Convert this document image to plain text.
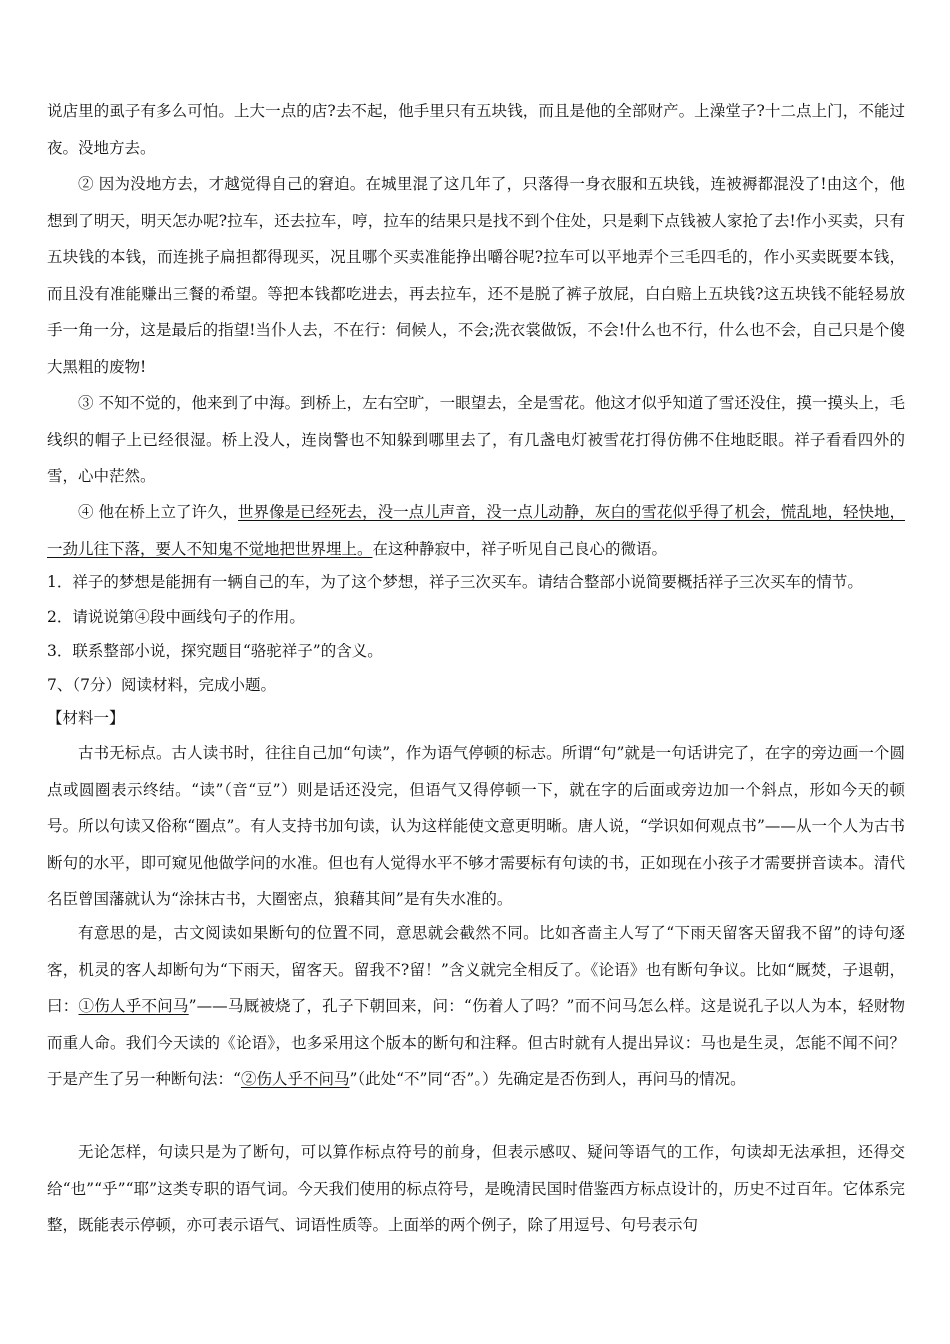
说店里的虱子有多么可怕。上大一点的店?去不起，他手里只有五块钱，而且是他的全部财产。上澡堂子?十二点上门，不能过夜。没地方去。

② 因为没地方去，才越觉得自己的窘迫。在城里混了这几年了，只落得一身衣服和五块钱，连被褥都混没了!由这个，他想到了明天，明天怎办呢?拉车，还去拉车，哼，拉车的结果只是找不到个住处，只是剩下点钱被人家抢了去!作小买卖，只有五块钱的本钱，而连挑子扁担都得现买，况且哪个买卖准能挣出嚼谷呢?拉车可以平地弄个三毛四毛的，作小买卖既要本钱，而且没有准能赚出三餐的希望。等把本钱都吃进去，再去拉车，还不是脱了裤子放屁，白白赔上五块钱?这五块钱不能轻易放手一角一分，这是最后的指望!当仆人去，不在行：伺候人，不会;洗衣裳做饭，不会!什么也不行，什么也不会，自己只是个傻大黑粗的废物!

③ 不知不觉的，他来到了中海。到桥上，左右空旷，一眼望去，全是雪花。他这才似乎知道了雪还没住，摸一摸头上，毛线织的帽子上已经很湿。桥上没人，连岗警也不知躲到哪里去了，有几盏电灯被雪花打得仿佛不住地眨眼。祥子看看四外的雪，心中茫然。

④ 他在桥上立了许久，世界像是已经死去，没一点儿声音，没一点儿动静，灰白的雪花似乎得了机会，慌乱地，轻快地，一劲儿往下落，要人不知鬼不觉地把世界埋上。在这种静寂中，祥子听见自己良心的微语。

1．祥子的梦想是能拥有一辆自己的车，为了这个梦想，祥子三次买车。请结合整部小说简要概括祥子三次买车的情节。

2．请说说第④段中画线句子的作用。

3．联系整部小说，探究题目“骆驼祥子”的含义。

7、（7分）阅读材料，完成小题。

【材料一】

古书无标点。古人读书时，往往自己加“句读”，作为语气停顿的标志。所谓“句”就是一句话讲完了，在字的旁边画一个圆点或圆圈表示终结。“读”（音“豆”）则是话还没完，但语气又得停顿一下，就在字的后面或旁边加一个斜点，形如今天的顿号。所以句读又俗称“圈点”。有人支持书加句读，认为这样能使文意更明晰。唐人说，“学识如何观点书”——从一个人为古书断句的水平，即可窥见他做学问的水准。但也有人觉得水平不够才需要标有句读的书，正如现在小孩子才需要拼音读本。清代名臣曾国藩就认为“涂抹古书，大圈密点，狼藉其间”是有失水准的。

有意思的是，古文阅读如果断句的位置不同，意思就会截然不同。比如吝啬主人写了“下雨天留客天留我不留”的诗句逐客，机灵的客人却断句为“下雨天，留客天。留我不?留！”含义就完全相反了。《论语》也有断句争议。比如“厩焚，子退朝，曰：①伤人乎不问马”——马厩被烧了，孔子下朝回来，问：“伤着人了吗？”而不问马怎么样。这是说孔子以人为本，轻财物而重人命。我们今天读的《论语》，也多采用这个版本的断句和注释。但古时就有人提出异议：马也是生灵，怎能不闻不问？于是产生了另一种断句法：“②伤人乎不问马”（此处“不”同“否”。）先确定是否伤到人，再问马的情况。

无论怎样，句读只是为了断句，可以算作标点符号的前身，但表示感叹、疑问等语气的工作，句读却无法承担，还得交给“也”“乎”“耶”这类专职的语气词。今天我们使用的标点符号，是晚清民国时借鉴西方标点设计的，历史不过百年。它体系完整，既能表示停顿，亦可表示语气、词语性质等。上面举的两个例子，除了用逗号、句号表示句
